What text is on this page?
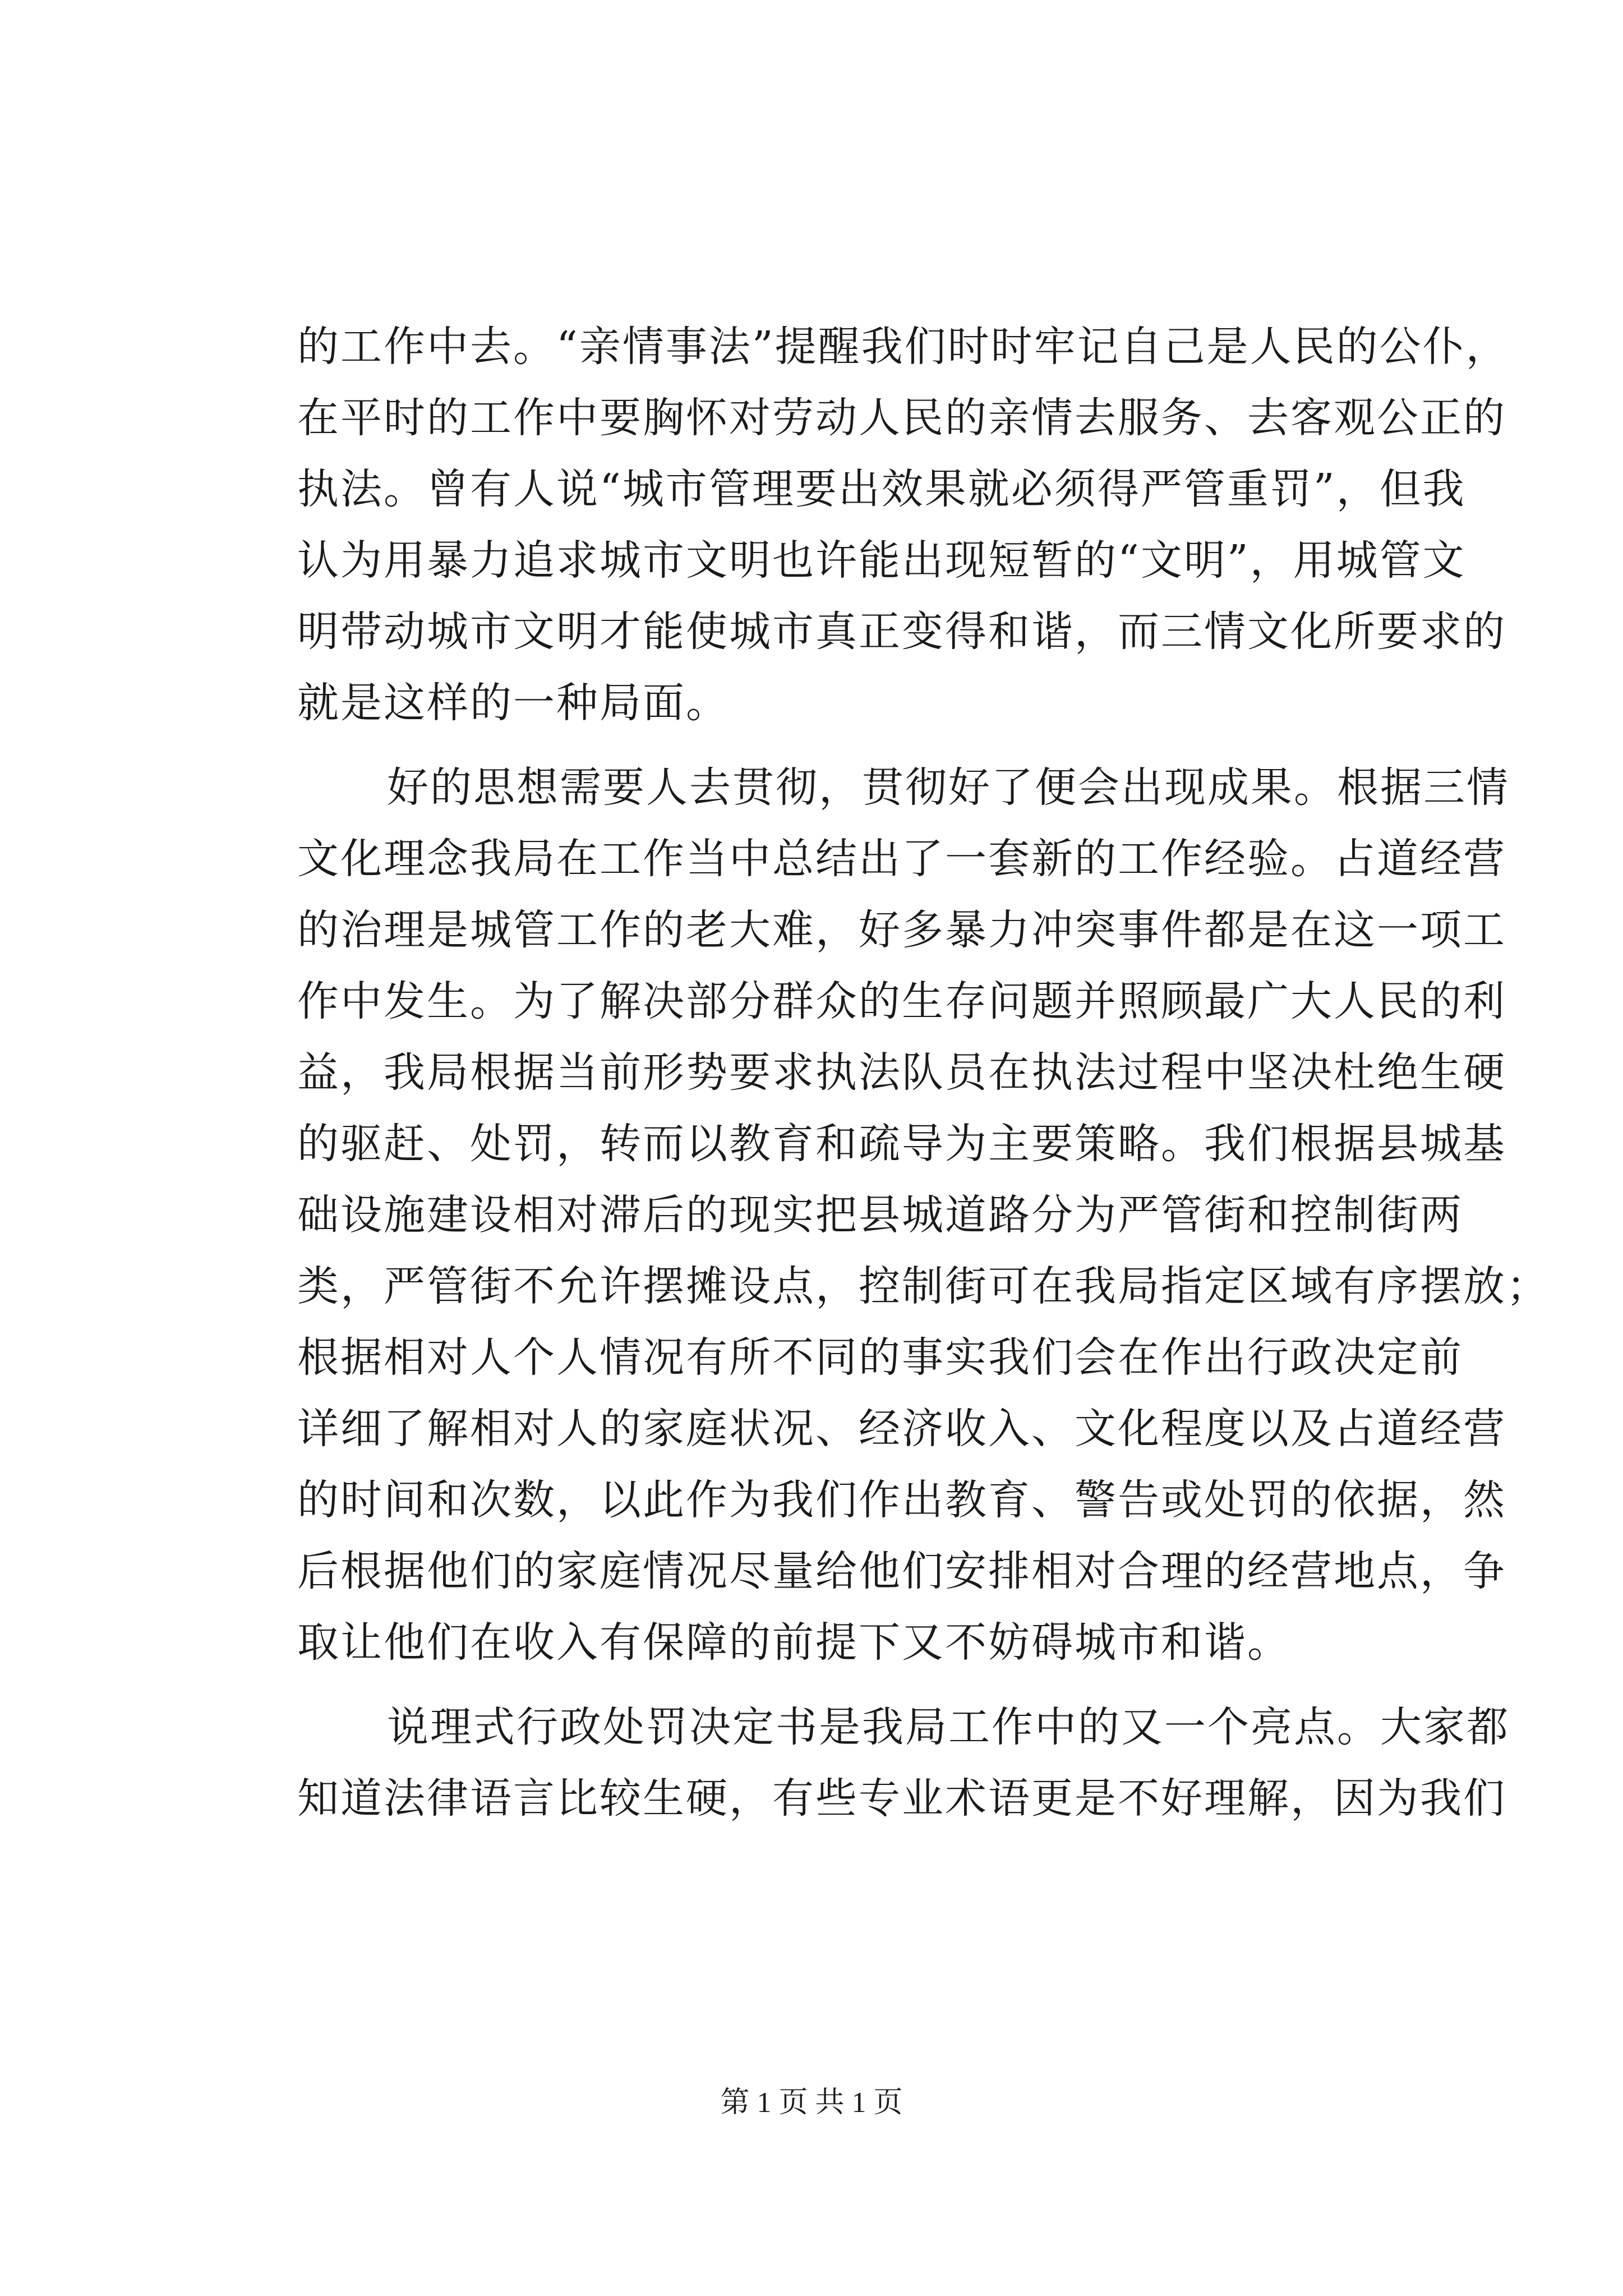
的工作中去。“亲情事法”提醒我们时时牢记自己是人民的公仆，
在平时的工作中要胸怀对劳动人民的亲情去服务、去客观公正的
执法。曾有人说“城市管理要出效果就必须得严管重罚”，但我
认为用暴力追求城市文明也许能出现短暂的“文明”，用城管文
明带动城市文明才能使城市真正变得和谐，而三情文化所要求的
就是这样的一种局面。
好的思想需要人去贯彻，贯彻好了便会出现成果。根据三情
文化理念我局在工作当中总结出了一套新的工作经验。占道经营
的治理是城管工作的老大难，好多暴力冲突事件都是在这一项工
作中发生。为了解决部分群众的生存问题并照顾最广大人民的利
益，我局根据当前形势要求执法队员在执法过程中坚决杜绝生硬
的驱赶、处罚，转而以教育和疏导为主要策略。我们根据县城基
础设施建设相对滞后的现实把县城道路分为严管街和控制街两
类，严管街不允许摆摊设点，控制街可在我局指定区域有序摆放；
根据相对人个人情况有所不同的事实我们会在作出行政决定前
详细了解相对人的家庭状况、经济收入、文化程度以及占道经营
的时间和次数，以此作为我们作出教育、警告或处罚的依据，然
后根据他们的家庭情况尽量给他们安排相对合理的经营地点，争
取让他们在收入有保障的前提下又不妨碍城市和谐。
说理式行政处罚决定书是我局工作中的又一个亮点。大家都
知道法律语言比较生硬，有些专业术语更是不好理解，因为我们
第 1 页 共 1 页
